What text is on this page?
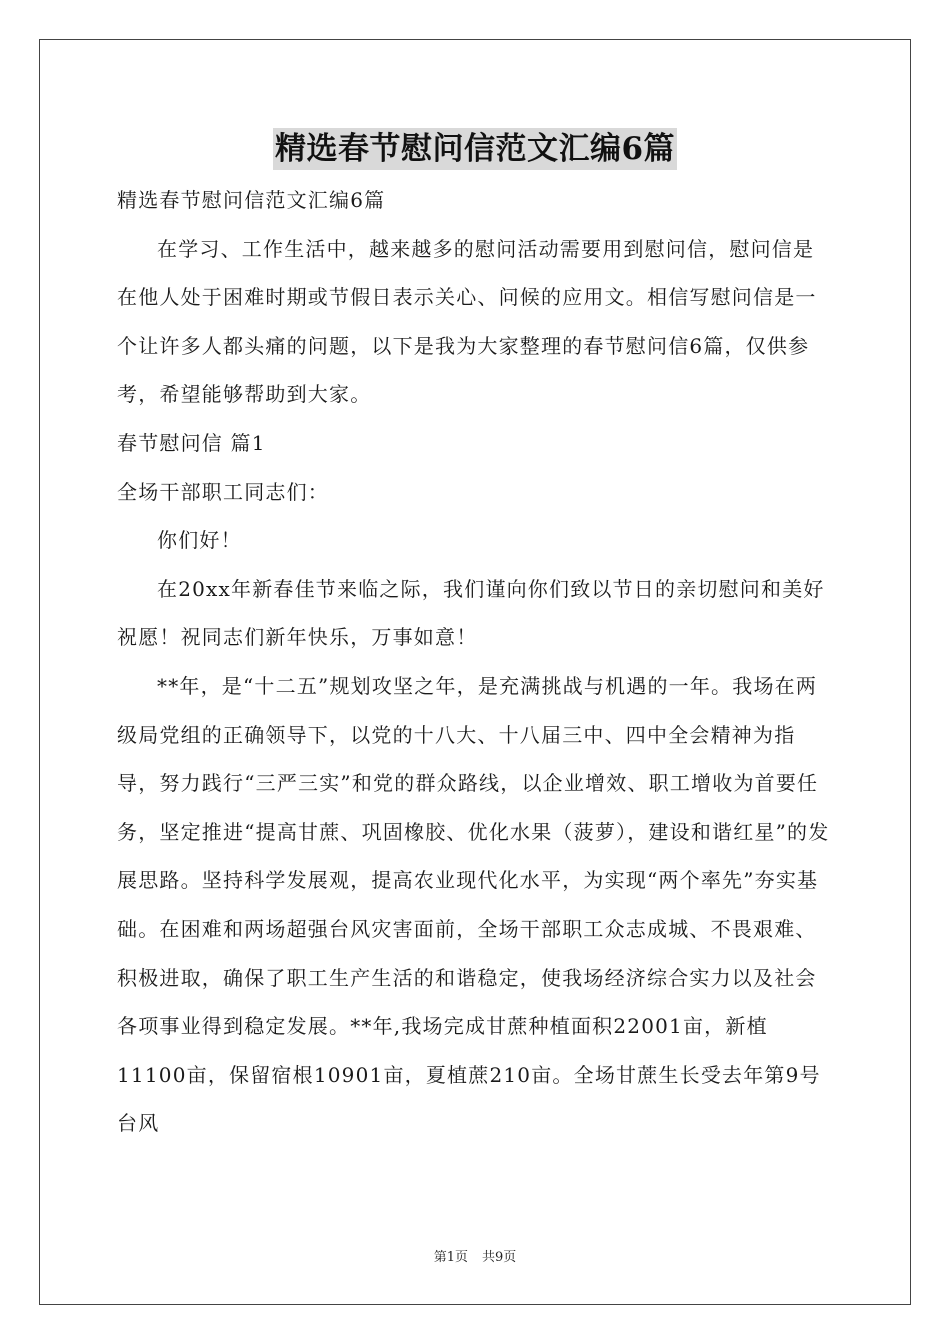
精选春节慰问信范文汇编6篇

精选春节慰问信范文汇编6篇

在学习、工作生活中，越来越多的慰问活动需要用到慰问信，慰问信是在他人处于困难时期或节假日表示关心、问候的应用文。相信写慰问信是一个让许多人都头痛的问题，以下是我为大家整理的春节慰问信6篇，仅供参考，希望能够帮助到大家。

春节慰问信 篇1

全场干部职工同志们：

你们好！

在20xx年新春佳节来临之际，我们谨向你们致以节日的亲切慰问和美好祝愿！祝同志们新年快乐，万事如意！

**年，是“十二五”规划攻坚之年，是充满挑战与机遇的一年。我场在两级局党组的正确领导下，以党的十八大、十八届三中、四中全会精神为指导，努力践行“三严三实”和党的群众路线，以企业增效、职工增收为首要任务，坚定推进“提高甘蔗、巩固橡胶、优化水果（菠萝），建设和谐红星”的发展思路。坚持科学发展观，提高农业现代化水平，为实现“两个率先”夯实基础。在困难和两场超强台风灾害面前，全场干部职工众志成城、不畏艰难、积极进取，确保了职工生产生活的和谐稳定，使我场经济综合实力以及社会各项事业得到稳定发展。**年,我场完成甘蔗种植面积22001亩，新植11100亩，保留宿根10901亩，夏植蔗210亩。全场甘蔗生长受去年第9号台风

第1页 共9页
